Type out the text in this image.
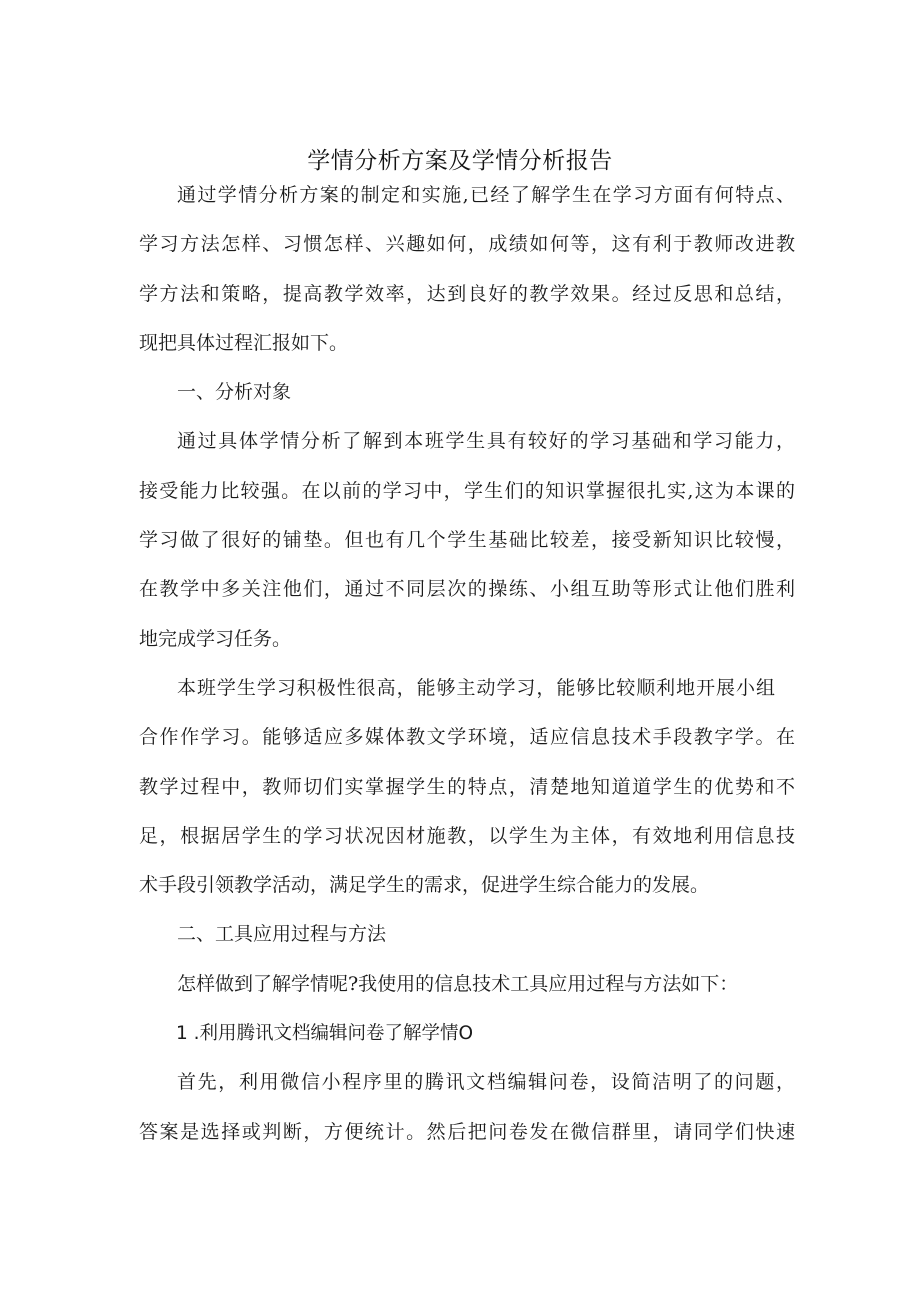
学情分析方案及学情分析报告

通过学情分析方案的制定和实施,已经了解学生在学习方面有何特点、
学习方法怎样、习惯怎样、兴趣如何，成绩如何等，这有利于教师改进教
学方法和策略，提高教学效率，达到良好的教学效果。经过反思和总结，
现把具体过程汇报如下。

一、分析对象

通过具体学情分析了解到本班学生具有较好的学习基础和学习能力，
接受能力比较强。在以前的学习中，学生们的知识掌握很扎实,这为本课的
学习做了很好的铺垫。但也有几个学生基础比较差，接受新知识比较慢，
在教学中多关注他们，通过不同层次的操练、小组互助等形式让他们胜利
地完成学习任务。

本班学生学习积极性很高，能够主动学习，能够比较顺利地开展小组
合作作学习。能够适应多媒体教文学环境，适应信息技术手段教字学。在
教学过程中，教师切们实掌握学生的特点，清楚地知道道学生的优势和不
足，根据居学生的学习状况因材施教，以学生为主体，有效地利用信息技
术手段引领教学活动，满足学生的需求，促进学生综合能力的发展。

二、工具应用过程与方法

怎样做到了解学情呢?我使用的信息技术工具应用过程与方法如下：

1 .利用腾讯文档编辑问卷了解学情O

首先，利用微信小程序里的腾讯文档编辑问卷，设简洁明了的问题，
答案是选择或判断，方便统计。然后把问卷发在微信群里，请同学们快速
